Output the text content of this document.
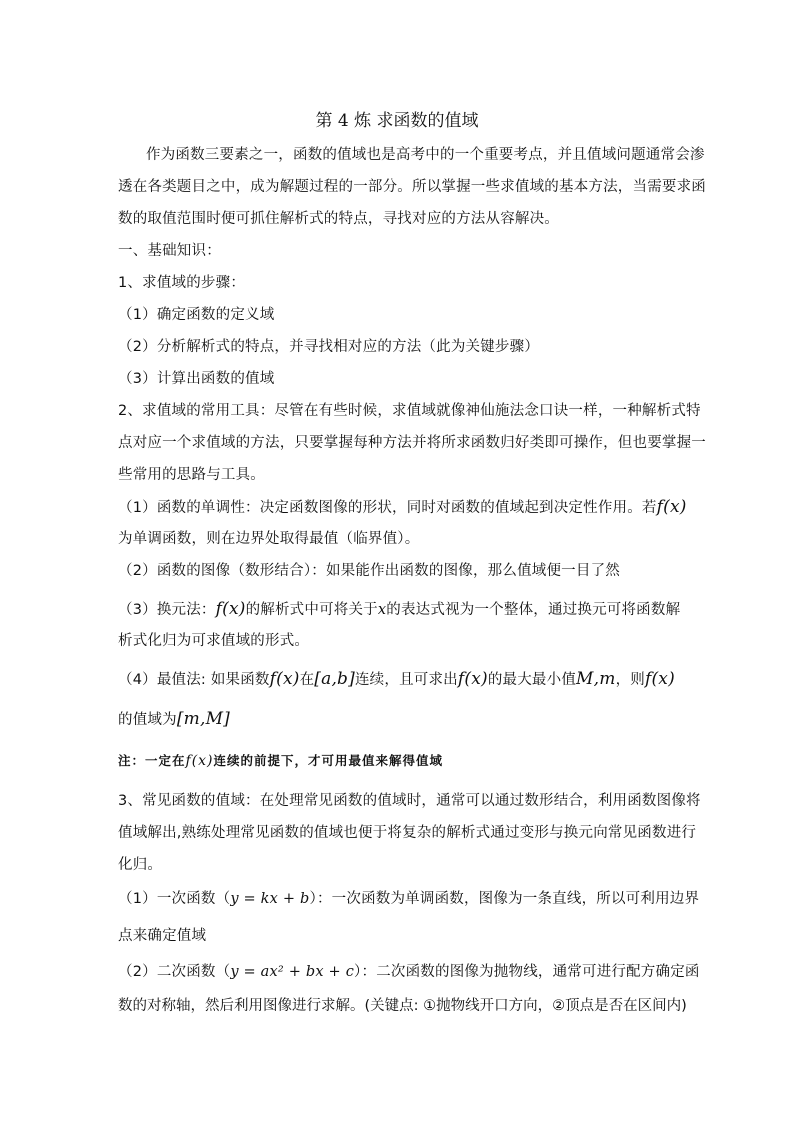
第 4 炼 求函数的值域
作为函数三要素之一，函数的值域也是高考中的一个重要考点，并且值域问题通常会渗
透在各类题目之中，成为解题过程的一部分。所以掌握一些求值域的基本方法，当需要求函
数的取值范围时便可抓住解析式的特点，寻找对应的方法从容解决。
一、基础知识：
1、求值域的步骤：
（1）确定函数的定义域
（2）分析解析式的特点，并寻找相对应的方法（此为关键步骤）
（3）计算出函数的值域
2、求值域的常用工具：尽管在有些时候，求值域就像神仙施法念口诀一样，一种解析式特
点对应一个求值域的方法，只要掌握每种方法并将所求函数归好类即可操作，但也要掌握一
些常用的思路与工具。
（1）函数的单调性：决定函数图像的形状，同时对函数的值域起到决定性作用。若f(x)
为单调函数，则在边界处取得最值（临界值）。
（2）函数的图像（数形结合）：如果能作出函数的图像，那么值域便一目了然
（3）换元法：f(x)的解析式中可将关于x的表达式视为一个整体，通过换元可将函数解
析式化归为可求值域的形式。
（4）最值法: 如果函数f(x)在[a,b]连续，且可求出f(x)的最大最小值M,m，则f(x)
的值域为[m,M]
注：一定在f(x)连续的前提下，才可用最值来解得值域
3、常见函数的值域：在处理常见函数的值域时，通常可以通过数形结合，利用函数图像将
值域解出,熟练处理常见函数的值域也便于将复杂的解析式通过变形与换元向常见函数进行
化归。
（1）一次函数（y = kx + b）：一次函数为单调函数，图像为一条直线，所以可利用边界
点来确定值域
（2）二次函数（y = ax² + bx + c）：二次函数的图像为抛物线，通常可进行配方确定函
数的对称轴，然后利用图像进行求解。(关键点: ①抛物线开口方向，②顶点是否在区间内)
